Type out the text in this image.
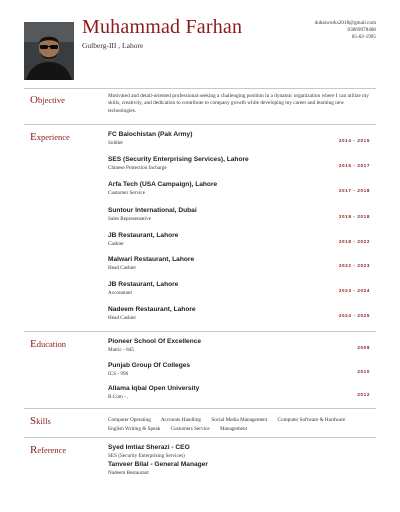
Muhammad Farhan
Gulberg-III , Lahore
dubaiworks2018@gmail.com
03069978480
05-02-1995
Objective	Motivated and detail-oriented professional seeking a challenging position in a dynamic organization where I can utilize my skills, creativity, and dedication to contribute to company growth while developing my career and learning new technologies.
Experience	FC Balochistan (Pak Army)
Soldier	2014 - 2015
SES (Security Enterprising Services), Lahore
Chinese Protection Incharge	2015 - 2017
Arfa Tech (USA Campaign), Lahore
Customer Service	2017 - 2018
Suntour International, Dubai
Sales Representative	2018 - 2018
JB Restaurant, Lahore
Cashier	2018 - 2022
Malwari Restaurant, Lahore
Head Cashier	2022 - 2023
JB Restaurant, Lahore
Accountant	2023 - 2024
Nadeem Restaurant, Lahore
Head Cashier	2024 - 2025
Education	Pioneer School Of Excellence
Matric - 845	2008
Punjab Group Of Colleges
ICS - 996	2010
Allama Iqbal Open University
B.Com - ,	2012
Skills	Computer Operating Accounts Handling Social Media Management Computer Software & Hardware English Writing & Speak Customers Service Management
Reference	Syed Imtiaz Sherazi - CEO
SES (Security Enterprising Services)
Tanveer Bilal - General Manager
Nadeem Restaurant
